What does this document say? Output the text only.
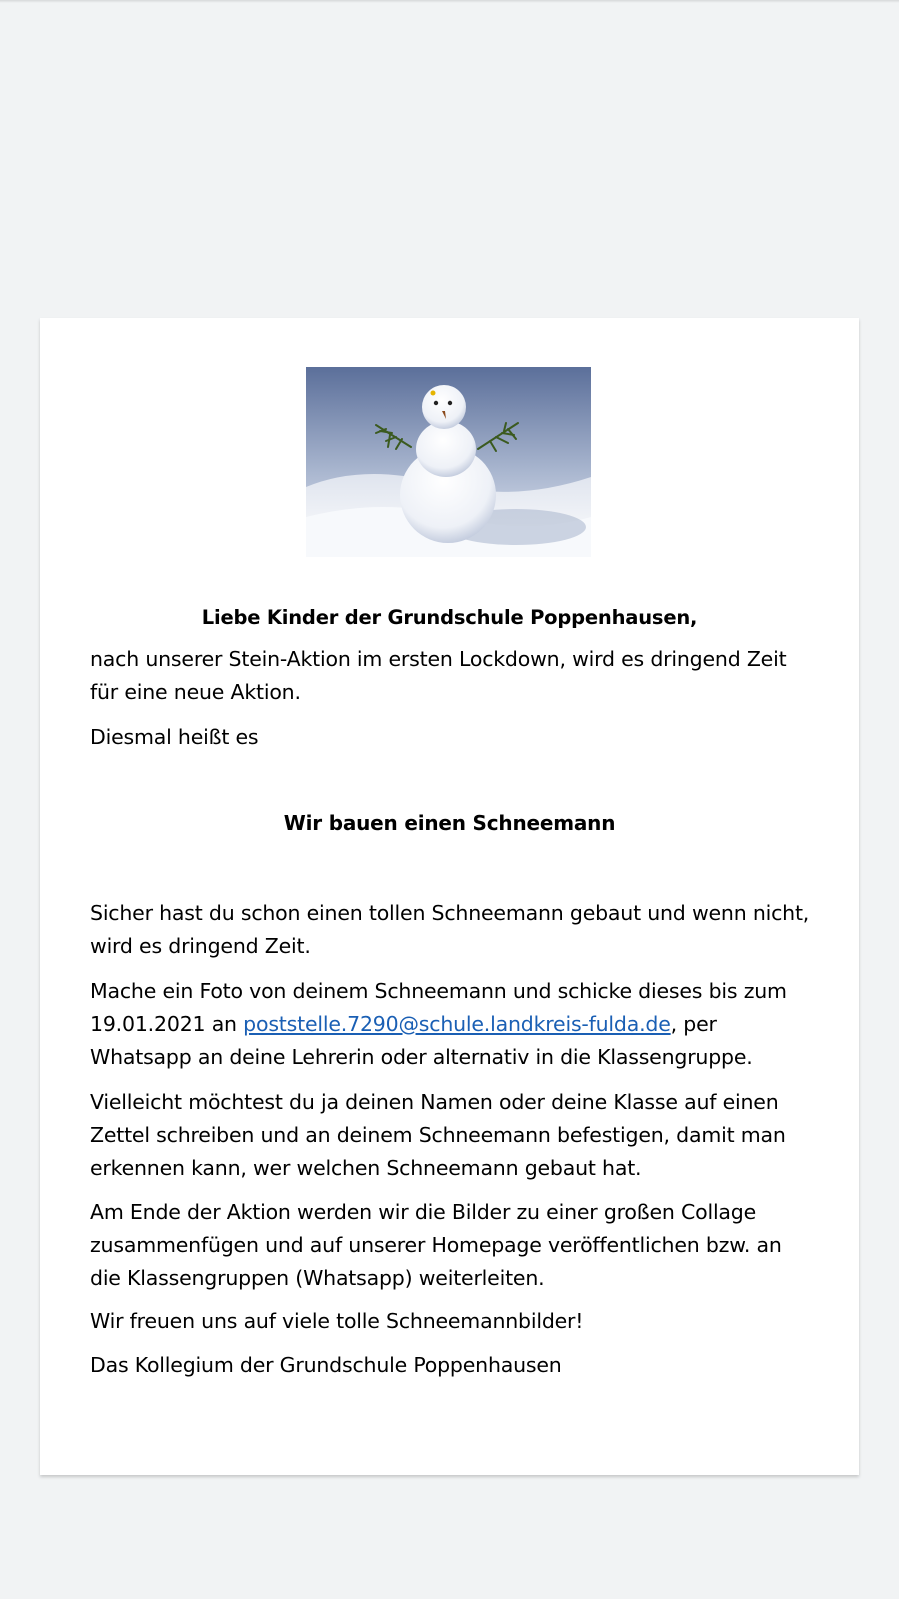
Liebe Kinder der Grundschule Poppenhausen,

nach unserer Stein-Aktion im ersten Lockdown, wird es dringend Zeit für eine neue Aktion.

Diesmal heißt es

Wir bauen einen Schneemann

Sicher hast du schon einen tollen Schneemann gebaut und wenn nicht, wird es dringend Zeit.

Mache ein Foto von deinem Schneemann und schicke dieses bis zum 19.01.2021 an poststelle.7290@schule.landkreis-fulda.de, per Whatsapp an deine Lehrerin oder alternativ in die Klassengruppe.

Vielleicht möchtest du ja deinen Namen oder deine Klasse auf einen Zettel schreiben und an deinem Schneemann befestigen, damit man erkennen kann, wer welchen Schneemann gebaut hat.

Am Ende der Aktion werden wir die Bilder zu einer großen Collage zusammenfügen und auf unserer Homepage veröffentlichen bzw. an die Klassengruppen (Whatsapp) weiterleiten.

Wir freuen uns auf viele tolle Schneemannbilder!

Das Kollegium der Grundschule Poppenhausen
